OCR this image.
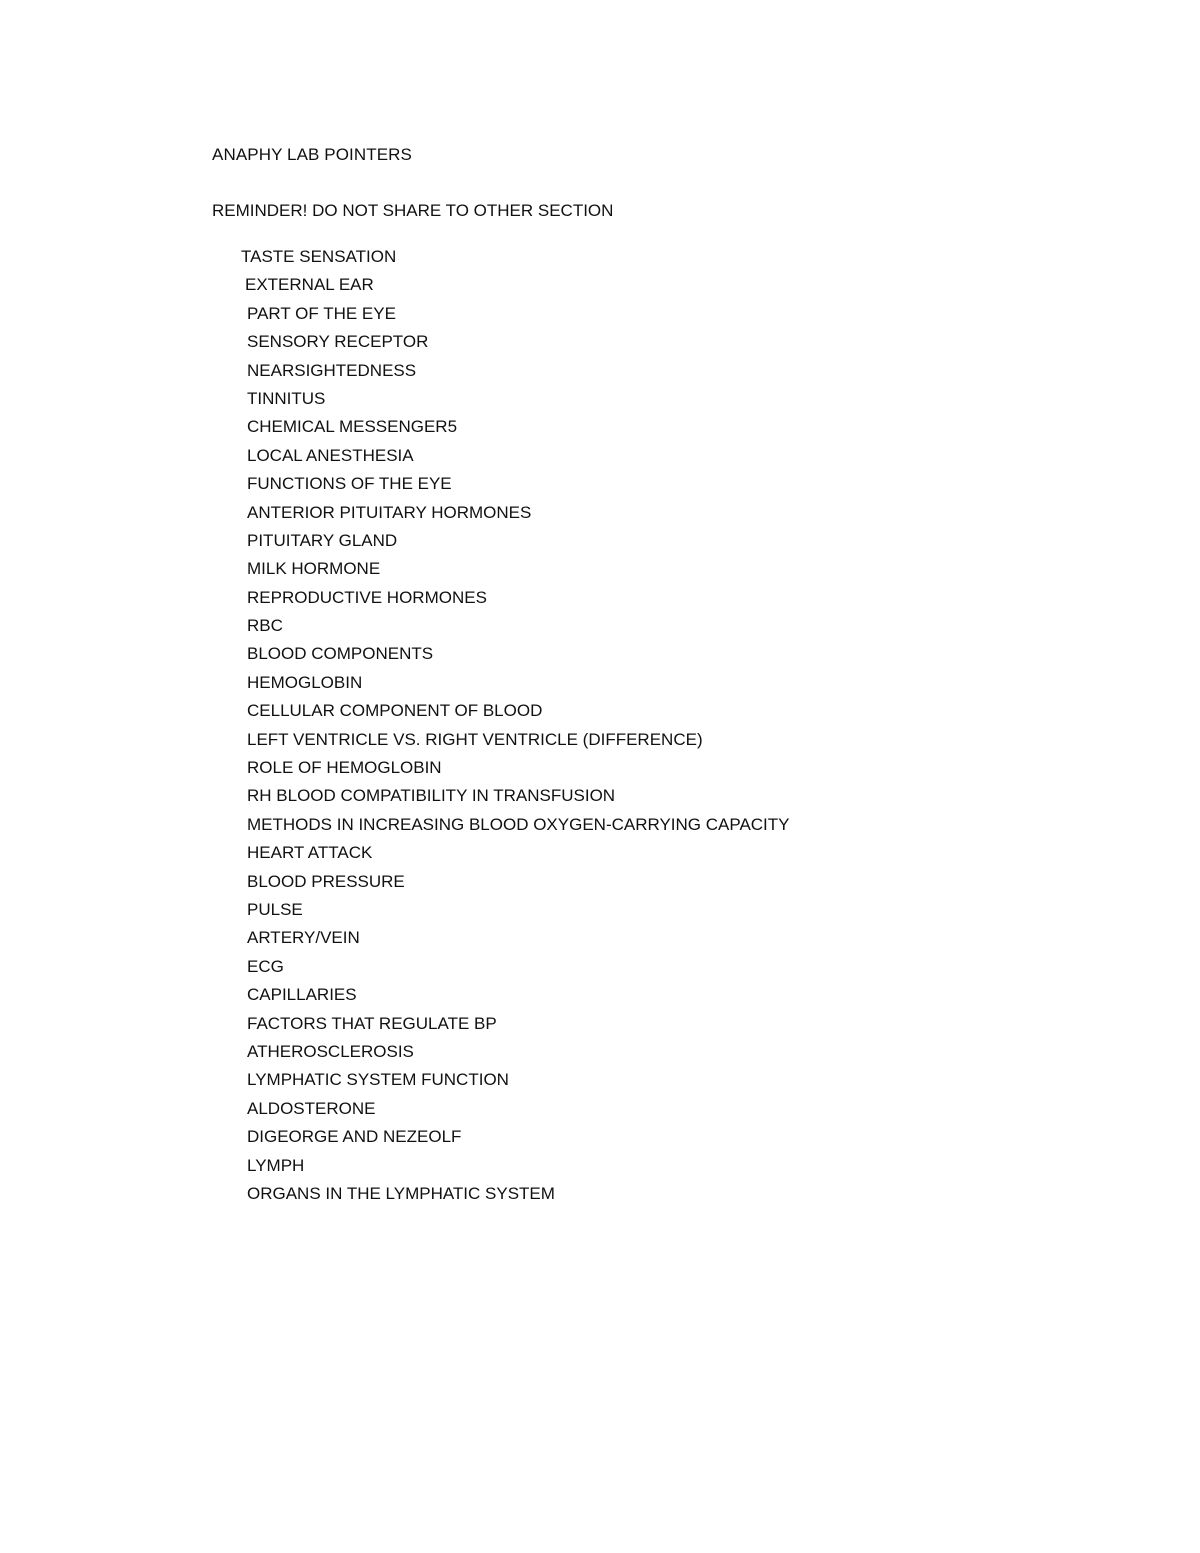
ANAPHY LAB POINTERS
REMINDER! DO NOT SHARE TO OTHER SECTION
TASTE SENSATION
EXTERNAL EAR
PART OF THE EYE
SENSORY RECEPTOR
NEARSIGHTEDNESS
TINNITUS
CHEMICAL MESSENGER5
LOCAL ANESTHESIA
FUNCTIONS OF THE EYE
ANTERIOR PITUITARY HORMONES
PITUITARY GLAND
MILK HORMONE
REPRODUCTIVE HORMONES
RBC
BLOOD COMPONENTS
HEMOGLOBIN
CELLULAR COMPONENT OF BLOOD
LEFT VENTRICLE VS. RIGHT VENTRICLE (DIFFERENCE)
ROLE OF HEMOGLOBIN
RH BLOOD COMPATIBILITY IN TRANSFUSION
METHODS IN INCREASING BLOOD OXYGEN-CARRYING CAPACITY
HEART ATTACK
BLOOD PRESSURE
PULSE
ARTERY/VEIN
ECG
CAPILLARIES
FACTORS THAT REGULATE BP
ATHEROSCLEROSIS
LYMPHATIC SYSTEM FUNCTION
ALDOSTERONE
DIGEORGE AND NEZEOLF
LYMPH
ORGANS IN THE LYMPHATIC SYSTEM
